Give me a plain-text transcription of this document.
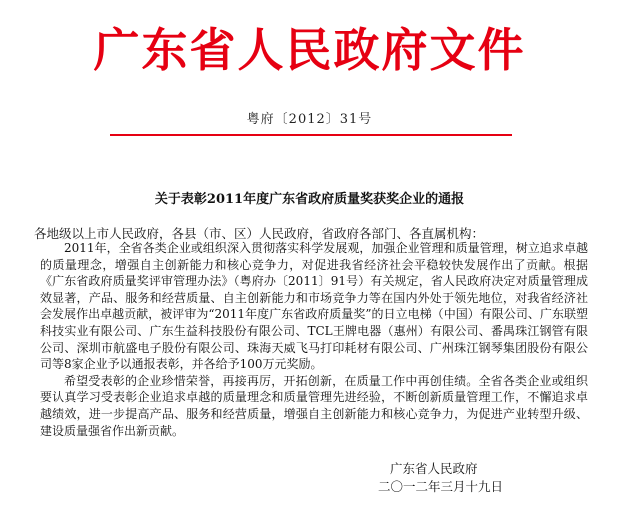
广东省人民政府文件
粤府〔2012〕31号
关于表彰2011年度广东省政府质量奖获奖企业的通报
各地级以上市人民政府，各县（市、区）人民政府，省政府各部门、各直属机构：

2011年，全省各类企业或组织深入贯彻落实科学发展观，加强企业管理和质量管理，树立追求卓越的质量理念，增强自主创新能力和核心竞争力，对促进我省经济社会平稳较快发展作出了贡献。根据《广东省政府质量奖评审管理办法》（粤府办〔2011〕91号）有关规定，省人民政府决定对质量管理成效显著，产品、服务和经营质量、自主创新能力和市场竞争力等在国内外处于领先地位，对我省经济社会发展作出卓越贡献，被评审为“2011年度广东省政府质量奖”的日立电梯（中国）有限公司、广东联塑科技实业有限公司、广东生益科技股份有限公司、TCL王牌电器（惠州）有限公司、番禺珠江钢管有限公司、深圳市航盛电子股份有限公司、珠海天威飞马打印耗材有限公司、广州珠江钢琴集团股份有限公司等8家企业予以通报表彰，并各给予100万元奖励。

希望受表彰的企业珍惜荣誉，再接再厉，开拓创新，在质量工作中再创佳绩。全省各类企业或组织要认真学习受表彰企业追求卓越的质量理念和质量管理先进经验，不断创新质量管理工作，不懈追求卓越绩效，进一步提高产品、服务和经营质量，增强自主创新能力和核心竞争力，为促进产业转型升级、建设质量强省作出新贡献。

广东省人民政府
二〇一二年三月十九日
